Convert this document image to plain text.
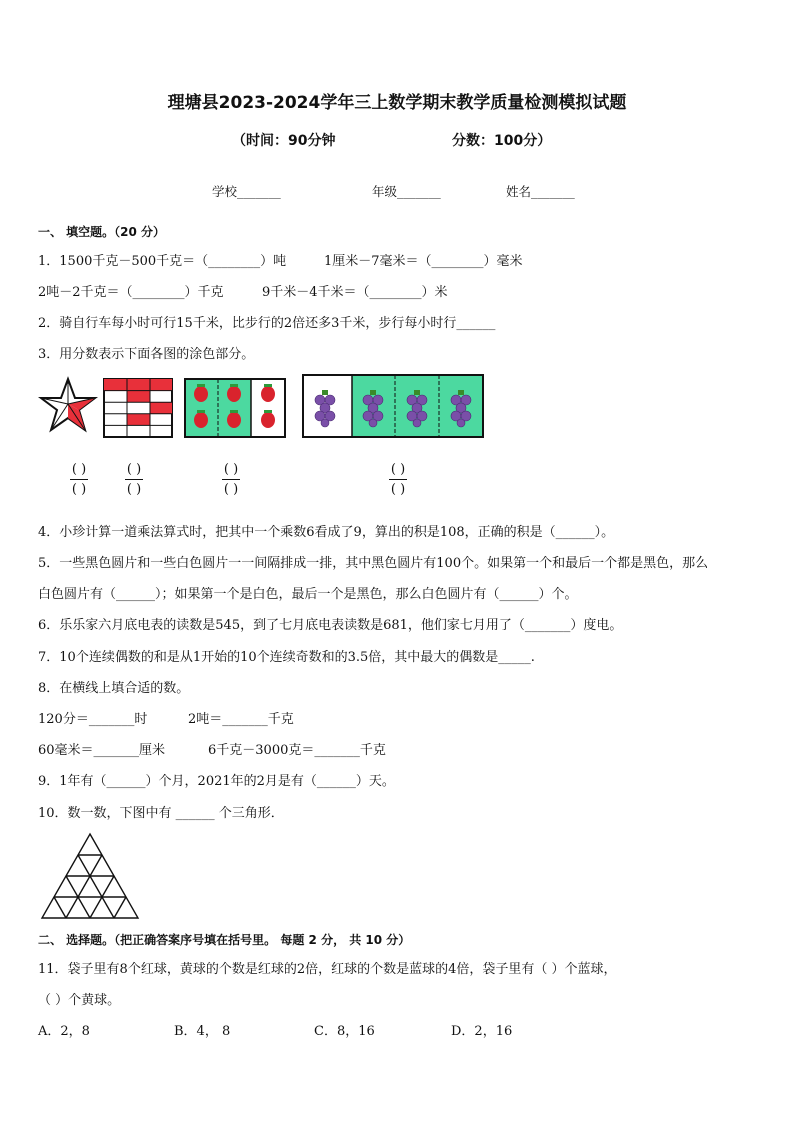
理塘县2023-2024学年三上数学期末教学质量检测模拟试题
（时间：90分钟	分数：100分）
学校_______	年级_______	姓名_______
一、 填空题。（20 分）
1．1500千克－500千克＝（________）吨	1厘米－7毫米＝（________）毫米
2吨－2千克＝（________）千克	9千米－4千米＝（________）米
2．骑自行车每小时可行15千米，比步行的2倍还多3千米，步行每小时行______
3．用分数表示下面各图的涂色部分。
( )
( )
( )
( )
( )
( )
( )
( )
4．小珍计算一道乘法算式时，把其中一个乘数6看成了9，算出的积是108，正确的积是（______）。
5．一些黑色圆片和一些白色圆片一一间隔排成一排，其中黑色圆片有100个。如果第一个和最后一个都是黑色，那么
白色圆片有（______）；如果第一个是白色，最后一个是黑色，那么白色圆片有（______）个。
6．乐乐家六月底电表的读数是545，到了七月底电表读数是681，他们家七月用了（_______）度电。
7．10个连续偶数的和是从1开始的10个连续奇数和的3.5倍，其中最大的偶数是_____.
8．在横线上填合适的数。
120分＝_______时	2吨＝_______千克
60毫米＝_______厘米	6千克－3000克＝_______千克
9．1年有（______）个月，2021年的2月是有（______）天。
10．数一数，下图中有 ______ 个三角形．
二、 选择题。（把正确答案序号填在括号里。 每题 2 分， 共 10 分）
11．袋子里有8个红球，黄球的个数是红球的2倍，红球的个数是蓝球的4倍，袋子里有（ ）个蓝球，
（ ）个黄球。
A．2，8	B．4， 8	C．8，16	D．2，16
